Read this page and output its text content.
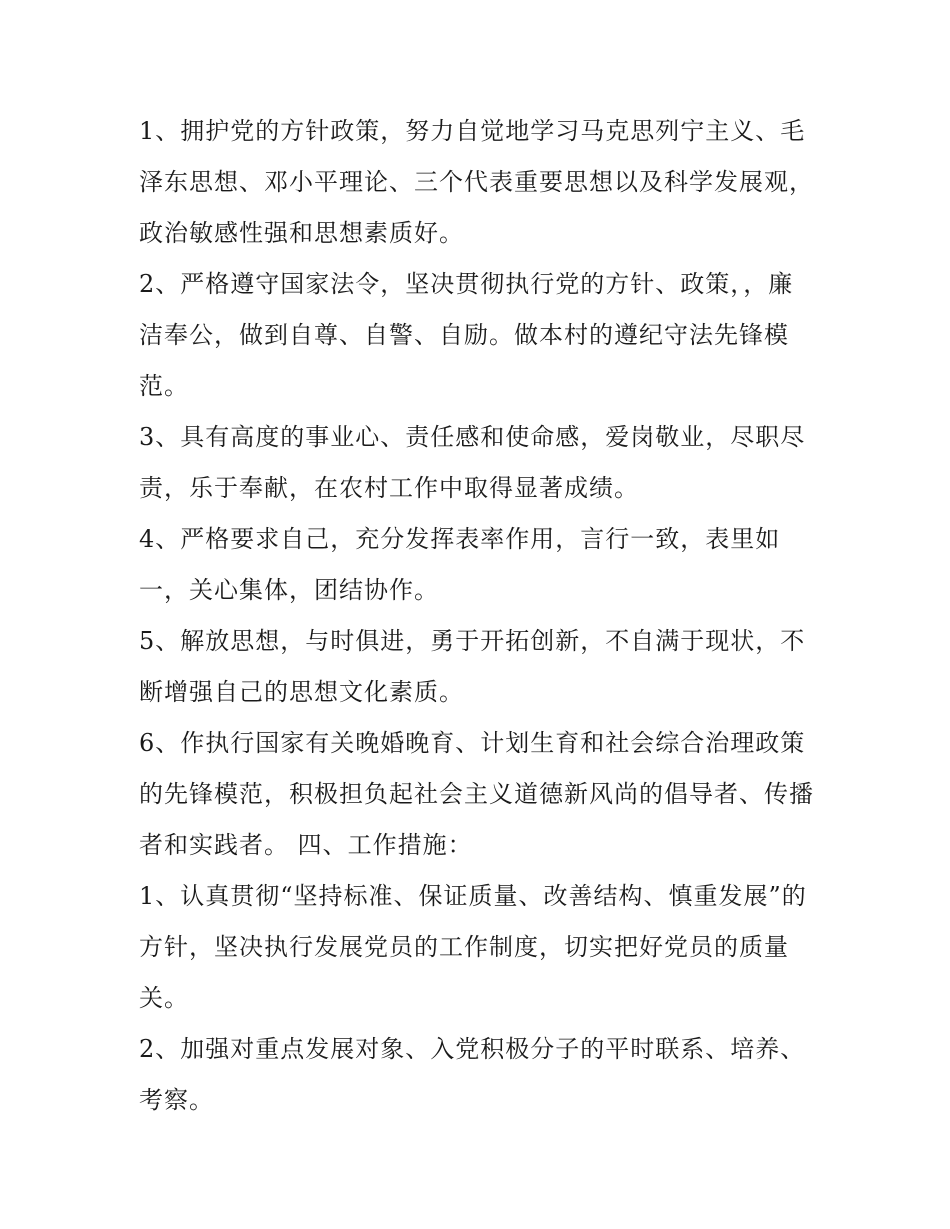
1、拥护党的方针政策，努力自觉地学习马克思列宁主义、毛
泽东思想、邓小平理论、三个代表重要思想以及科学发展观，
政治敏感性强和思想素质好。

2、严格遵守国家法令，坚决贯彻执行党的方针、政策，，廉
洁奉公，做到自尊、自警、自励。做本村的遵纪守法先锋模
范。

3、具有高度的事业心、责任感和使命感，爱岗敬业，尽职尽
责，乐于奉献，在农村工作中取得显著成绩。

4、严格要求自己，充分发挥表率作用，言行一致，表里如
一，关心集体，团结协作。

5、解放思想，与时俱进，勇于开拓创新，不自满于现状，不
断增强自己的思想文化素质。

6、作执行国家有关晚婚晚育、计划生育和社会综合治理政策
的先锋模范，积极担负起社会主义道德新风尚的倡导者、传播
者和实践者。 四、工作措施：

1、认真贯彻“坚持标准、保证质量、改善结构、慎重发展”的
方针，坚决执行发展党员的工作制度，切实把好党员的质量
关。

2、加强对重点发展对象、入党积极分子的平时联系、培养、
考察。
